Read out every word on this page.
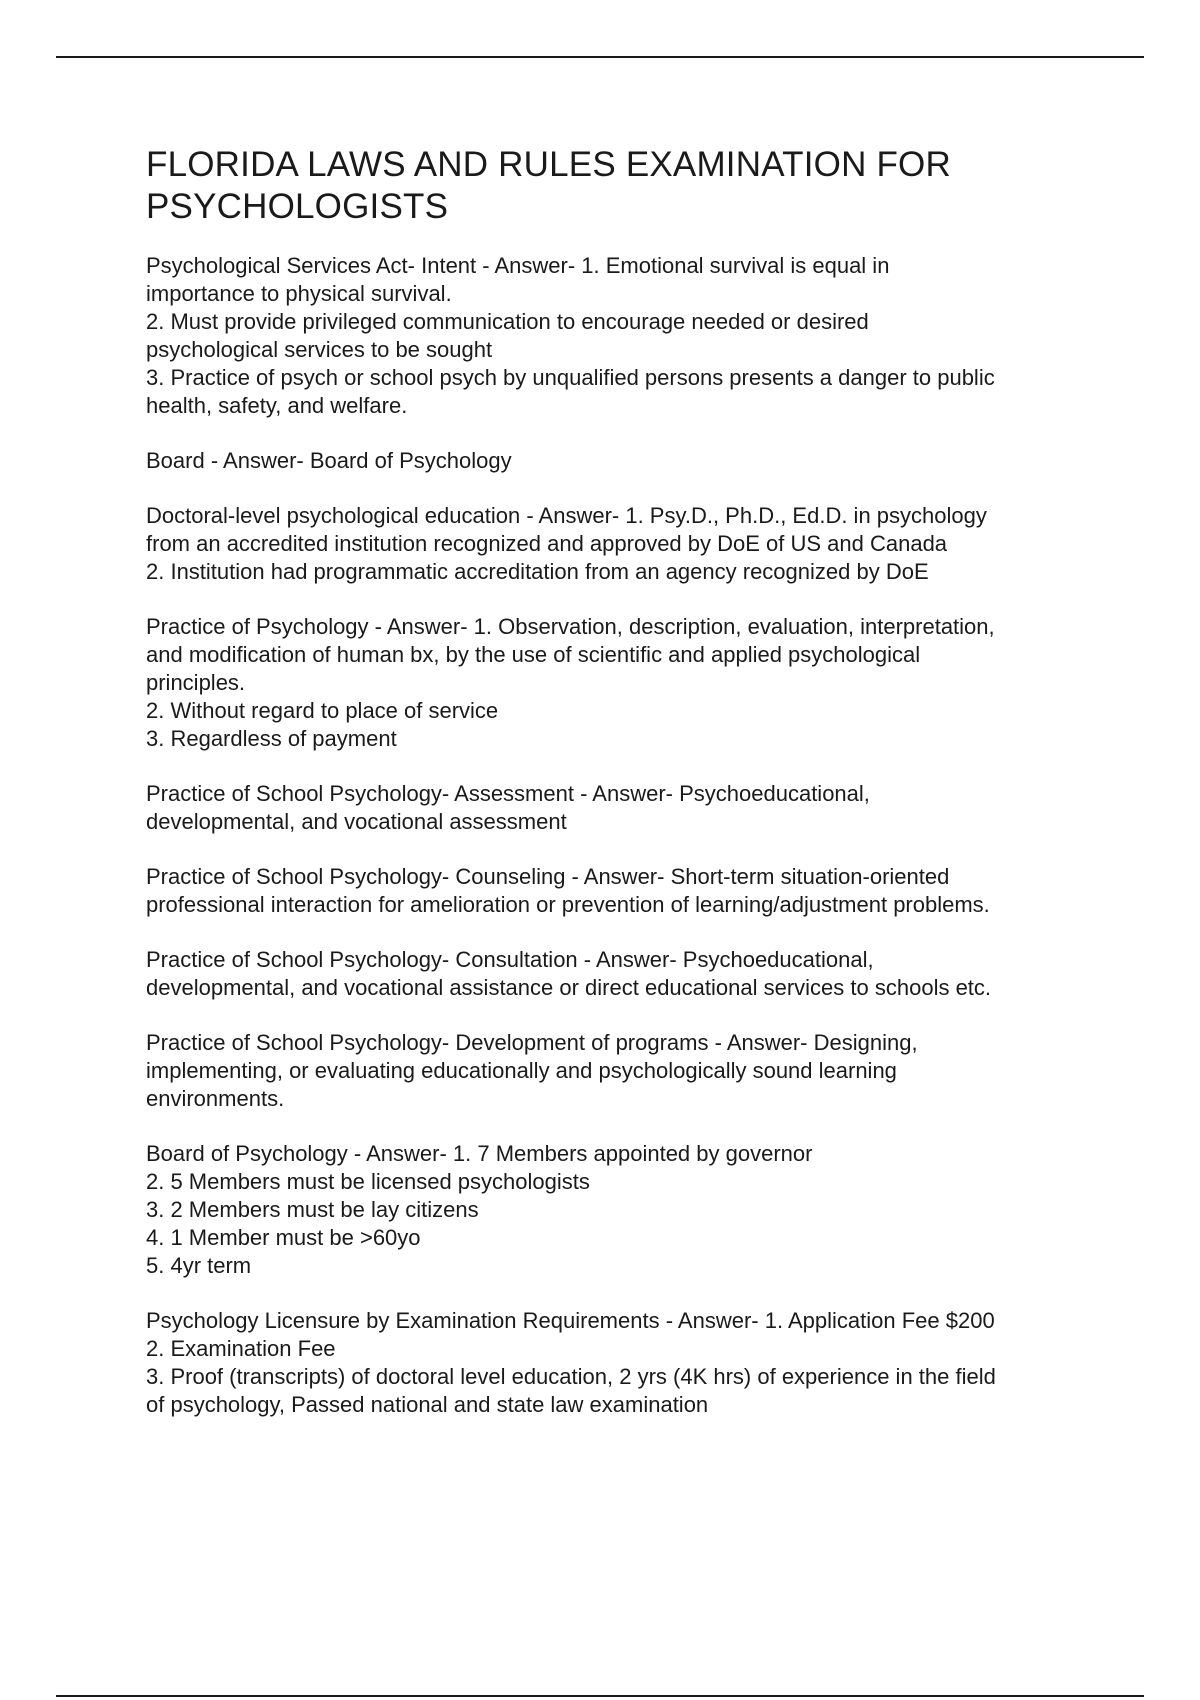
FLORIDA LAWS AND RULES EXAMINATION FOR
PSYCHOLOGISTS
Psychological Services Act- Intent - Answer- 1. Emotional survival is equal in
importance to physical survival.
2. Must provide privileged communication to encourage needed or desired
psychological services to be sought
3. Practice of psych or school psych by unqualified persons presents a danger to public
health, safety, and welfare.
Board - Answer- Board of Psychology
Doctoral-level psychological education - Answer- 1. Psy.D., Ph.D., Ed.D. in psychology
from an accredited institution recognized and approved by DoE of US and Canada
2. Institution had programmatic accreditation from an agency recognized by DoE
Practice of Psychology - Answer- 1. Observation, description, evaluation, interpretation,
and modification of human bx, by the use of scientific and applied psychological
principles.
2. Without regard to place of service
3. Regardless of payment
Practice of School Psychology- Assessment - Answer- Psychoeducational,
developmental, and vocational assessment
Practice of School Psychology- Counseling - Answer- Short-term situation-oriented
professional interaction for amelioration or prevention of learning/adjustment problems.
Practice of School Psychology- Consultation - Answer- Psychoeducational,
developmental, and vocational assistance or direct educational services to schools etc.
Practice of School Psychology- Development of programs - Answer- Designing,
implementing, or evaluating educationally and psychologically sound learning
environments.
Board of Psychology - Answer- 1. 7 Members appointed by governor
2. 5 Members must be licensed psychologists
3. 2 Members must be lay citizens
4. 1 Member must be >60yo
5. 4yr term
Psychology Licensure by Examination Requirements - Answer- 1. Application Fee $200
2. Examination Fee
3. Proof (transcripts) of doctoral level education, 2 yrs (4K hrs) of experience in the field
of psychology, Passed national and state law examination
